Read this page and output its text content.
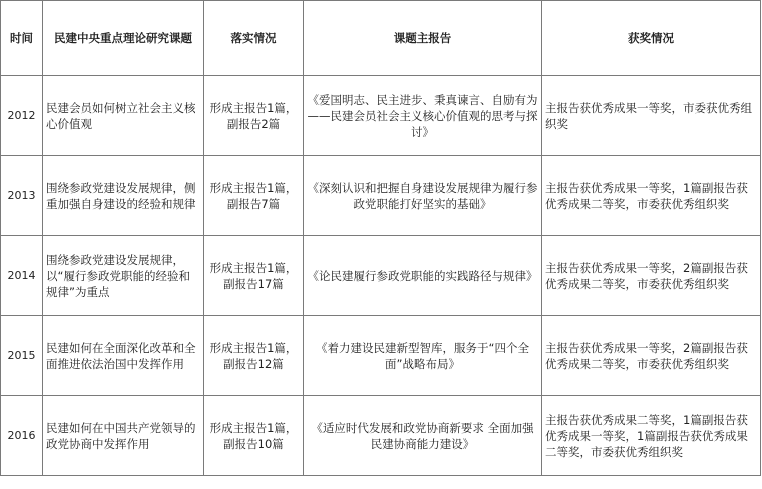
时间	民建中央重点理论研究课题	落实情况	课题主报告	获奖情况
2012	民建会员如何树立社会主义核心价值观	形成主报告1篇，副报告2篇	《爱国明志、民主进步、秉真谏言、自励有为——民建会员社会主义核心价值观的思考与探讨》	主报告获优秀成果一等奖，市委获优秀组织奖
2013	围绕参政党建设发展规律，侧重加强自身建设的经验和规律	形成主报告1篇，副报告7篇	《深刻认识和把握自身建设发展规律为履行参政党职能打好坚实的基础》	主报告获优秀成果一等奖，1篇副报告获优秀成果二等奖，市委获优秀组织奖
2014	围绕参政党建设发展规律，以“履行参政党职能的经验和规律”为重点	形成主报告1篇，副报告17篇	《论民建履行参政党职能的实践路径与规律》	主报告获优秀成果一等奖，2篇副报告获优秀成果二等奖，市委获优秀组织奖
2015	民建如何在全面深化改革和全面推进依法治国中发挥作用	形成主报告1篇，副报告12篇	《着力建设民建新型智库，服务于“四个全面”战略布局》	主报告获优秀成果一等奖，2篇副报告获优秀成果二等奖，市委获优秀组织奖
2016	民建如何在中国共产党领导的政党协商中发挥作用	形成主报告1篇，副报告10篇	《适应时代发展和政党协商新要求 全面加强民建协商能力建设》	主报告获优秀成果二等奖，1篇副报告获优秀成果一等奖，1篇副报告获优秀成果二等奖，市委获优秀组织奖
